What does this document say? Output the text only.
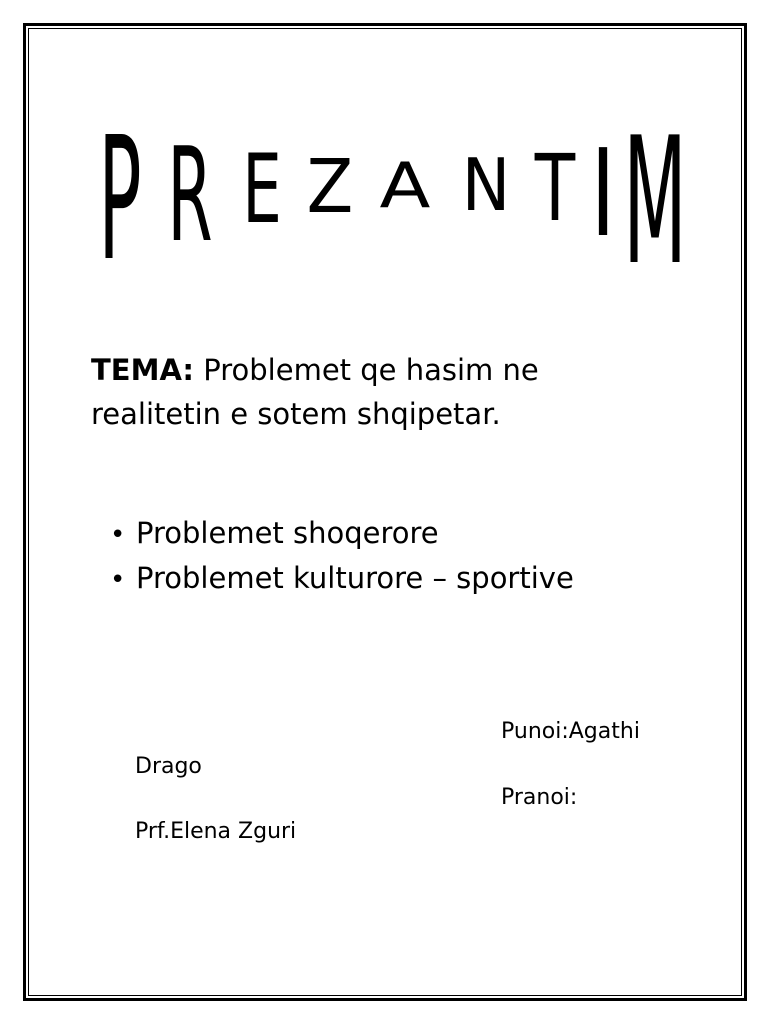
P R E Z A N T I M
TEMA: Problemet qe hasim ne realitetin e sotem shqipetar.
• Problemet shoqerore
• Problemet kulturore – sportive
Punoi:Agathi
Drago
Pranoi:
Prf.Elena Zguri
